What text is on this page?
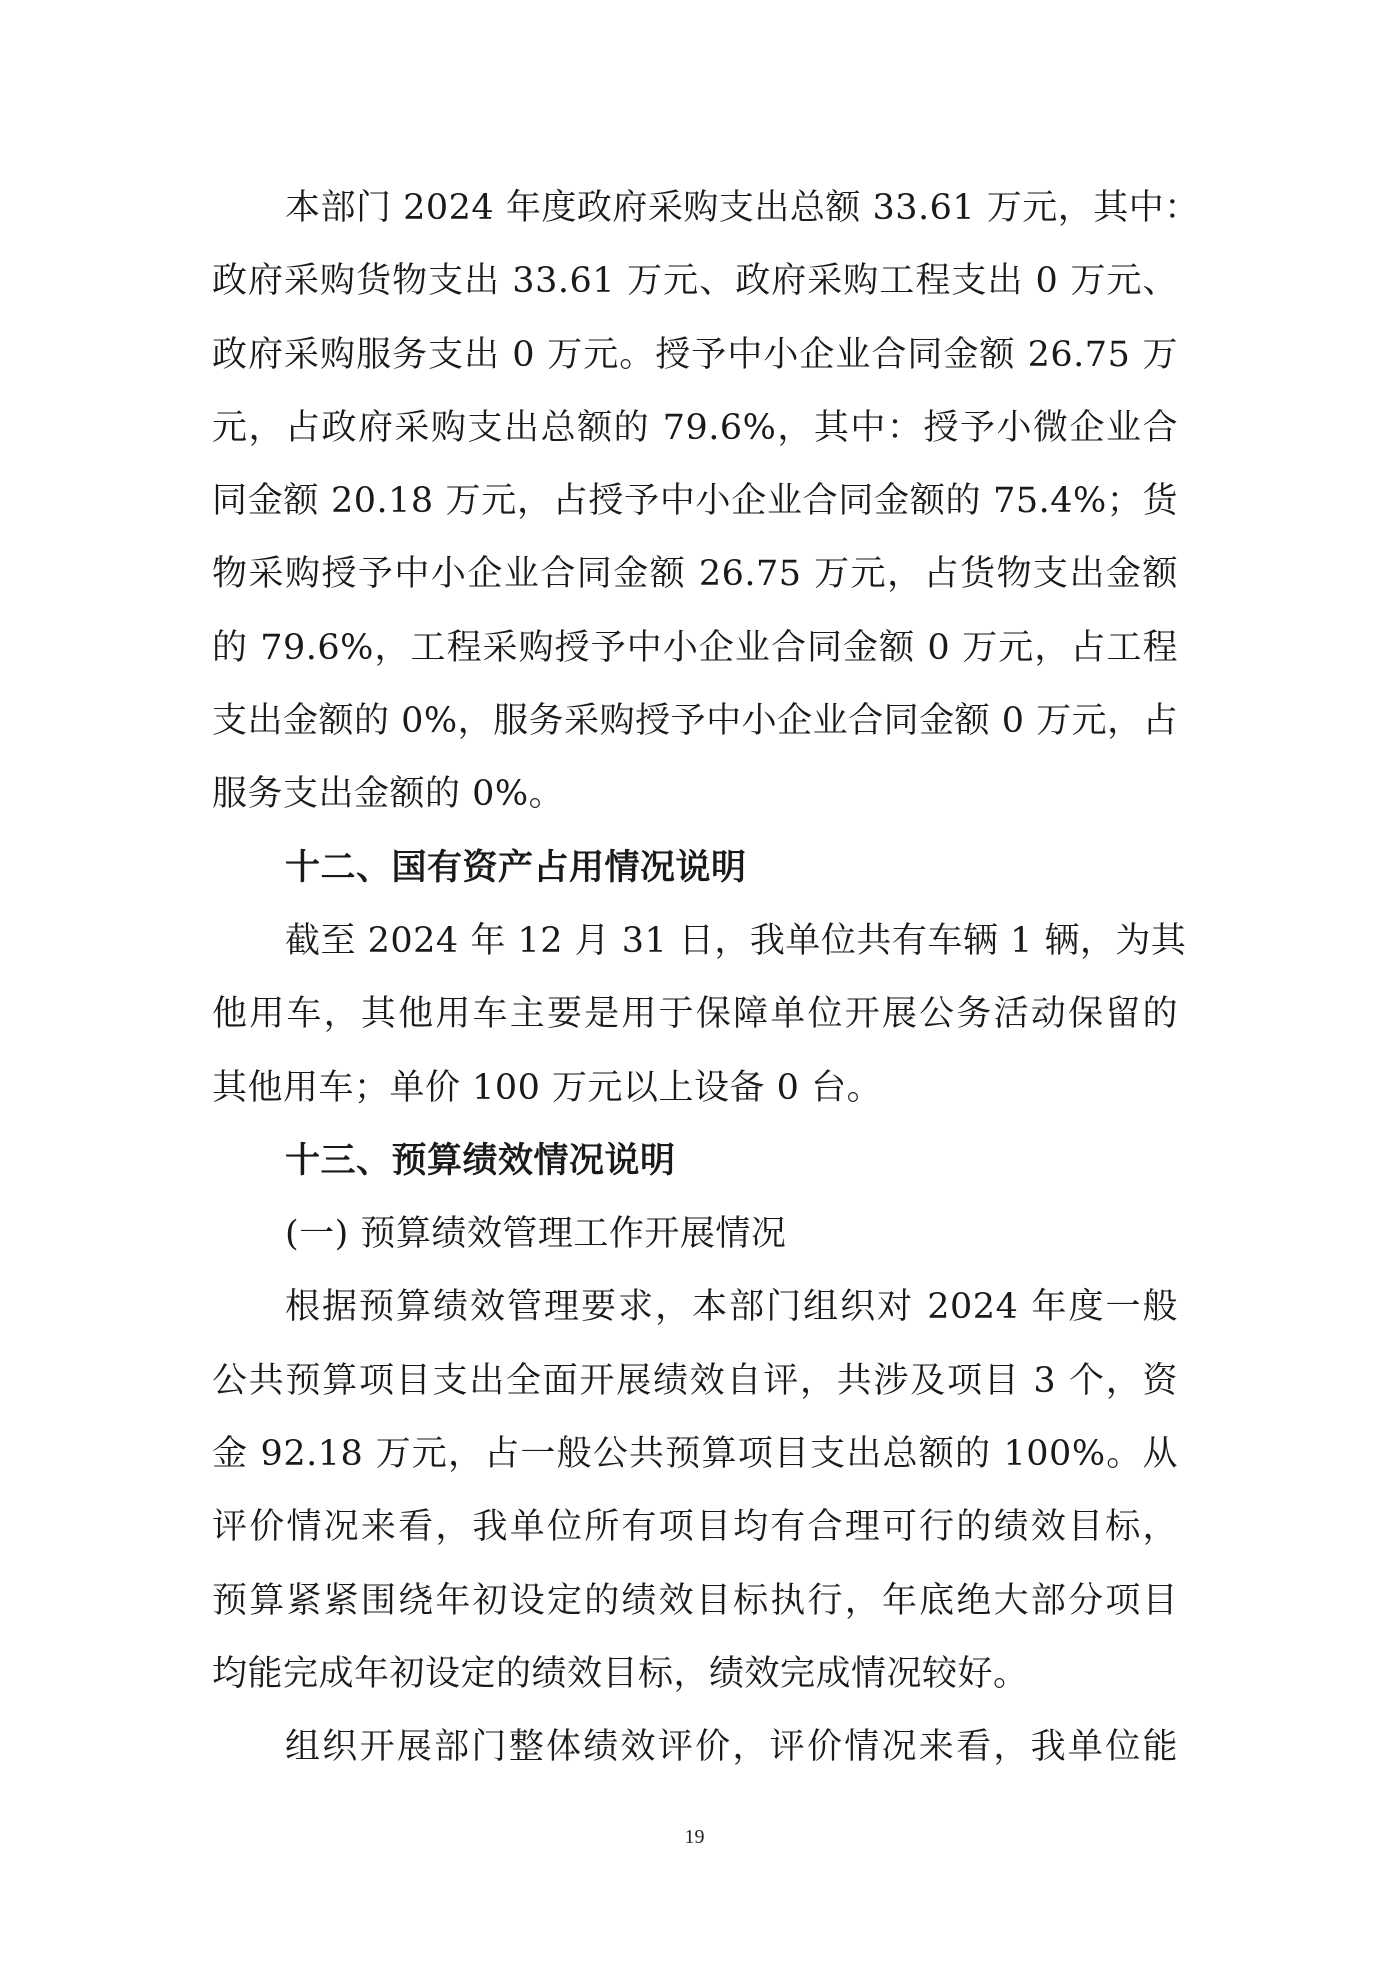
本部门 2024 年度政府采购支出总额 33.61 万元，其中：
政府采购货物支出 33.61 万元、政府采购工程支出 0 万元、
政府采购服务支出 0 万元。授予中小企业合同金额 26.75 万
元，占政府采购支出总额的 79.6%，其中：授予小微企业合
同金额 20.18 万元，占授予中小企业合同金额的 75.4%；货
物采购授予中小企业合同金额 26.75 万元，占货物支出金额
的 79.6%，工程采购授予中小企业合同金额 0 万元，占工程
支出金额的 0%，服务采购授予中小企业合同金额 0 万元，占
服务支出金额的 0%。
十二、国有资产占用情况说明
截至 2024 年 12 月 31 日，我单位共有车辆 1 辆，为其
他用车，其他用车主要是用于保障单位开展公务活动保留的
其他用车；单价 100 万元以上设备 0 台。
十三、预算绩效情况说明
(一) 预算绩效管理工作开展情况
根据预算绩效管理要求，本部门组织对 2024 年度一般
公共预算项目支出全面开展绩效自评，共涉及项目 3 个，资
金 92.18 万元，占一般公共预算项目支出总额的 100%。从
评价情况来看，我单位所有项目均有合理可行的绩效目标，
预算紧紧围绕年初设定的绩效目标执行，年底绝大部分项目
均能完成年初设定的绩效目标，绩效完成情况较好。
组织开展部门整体绩效评价，评价情况来看，我单位能
19
